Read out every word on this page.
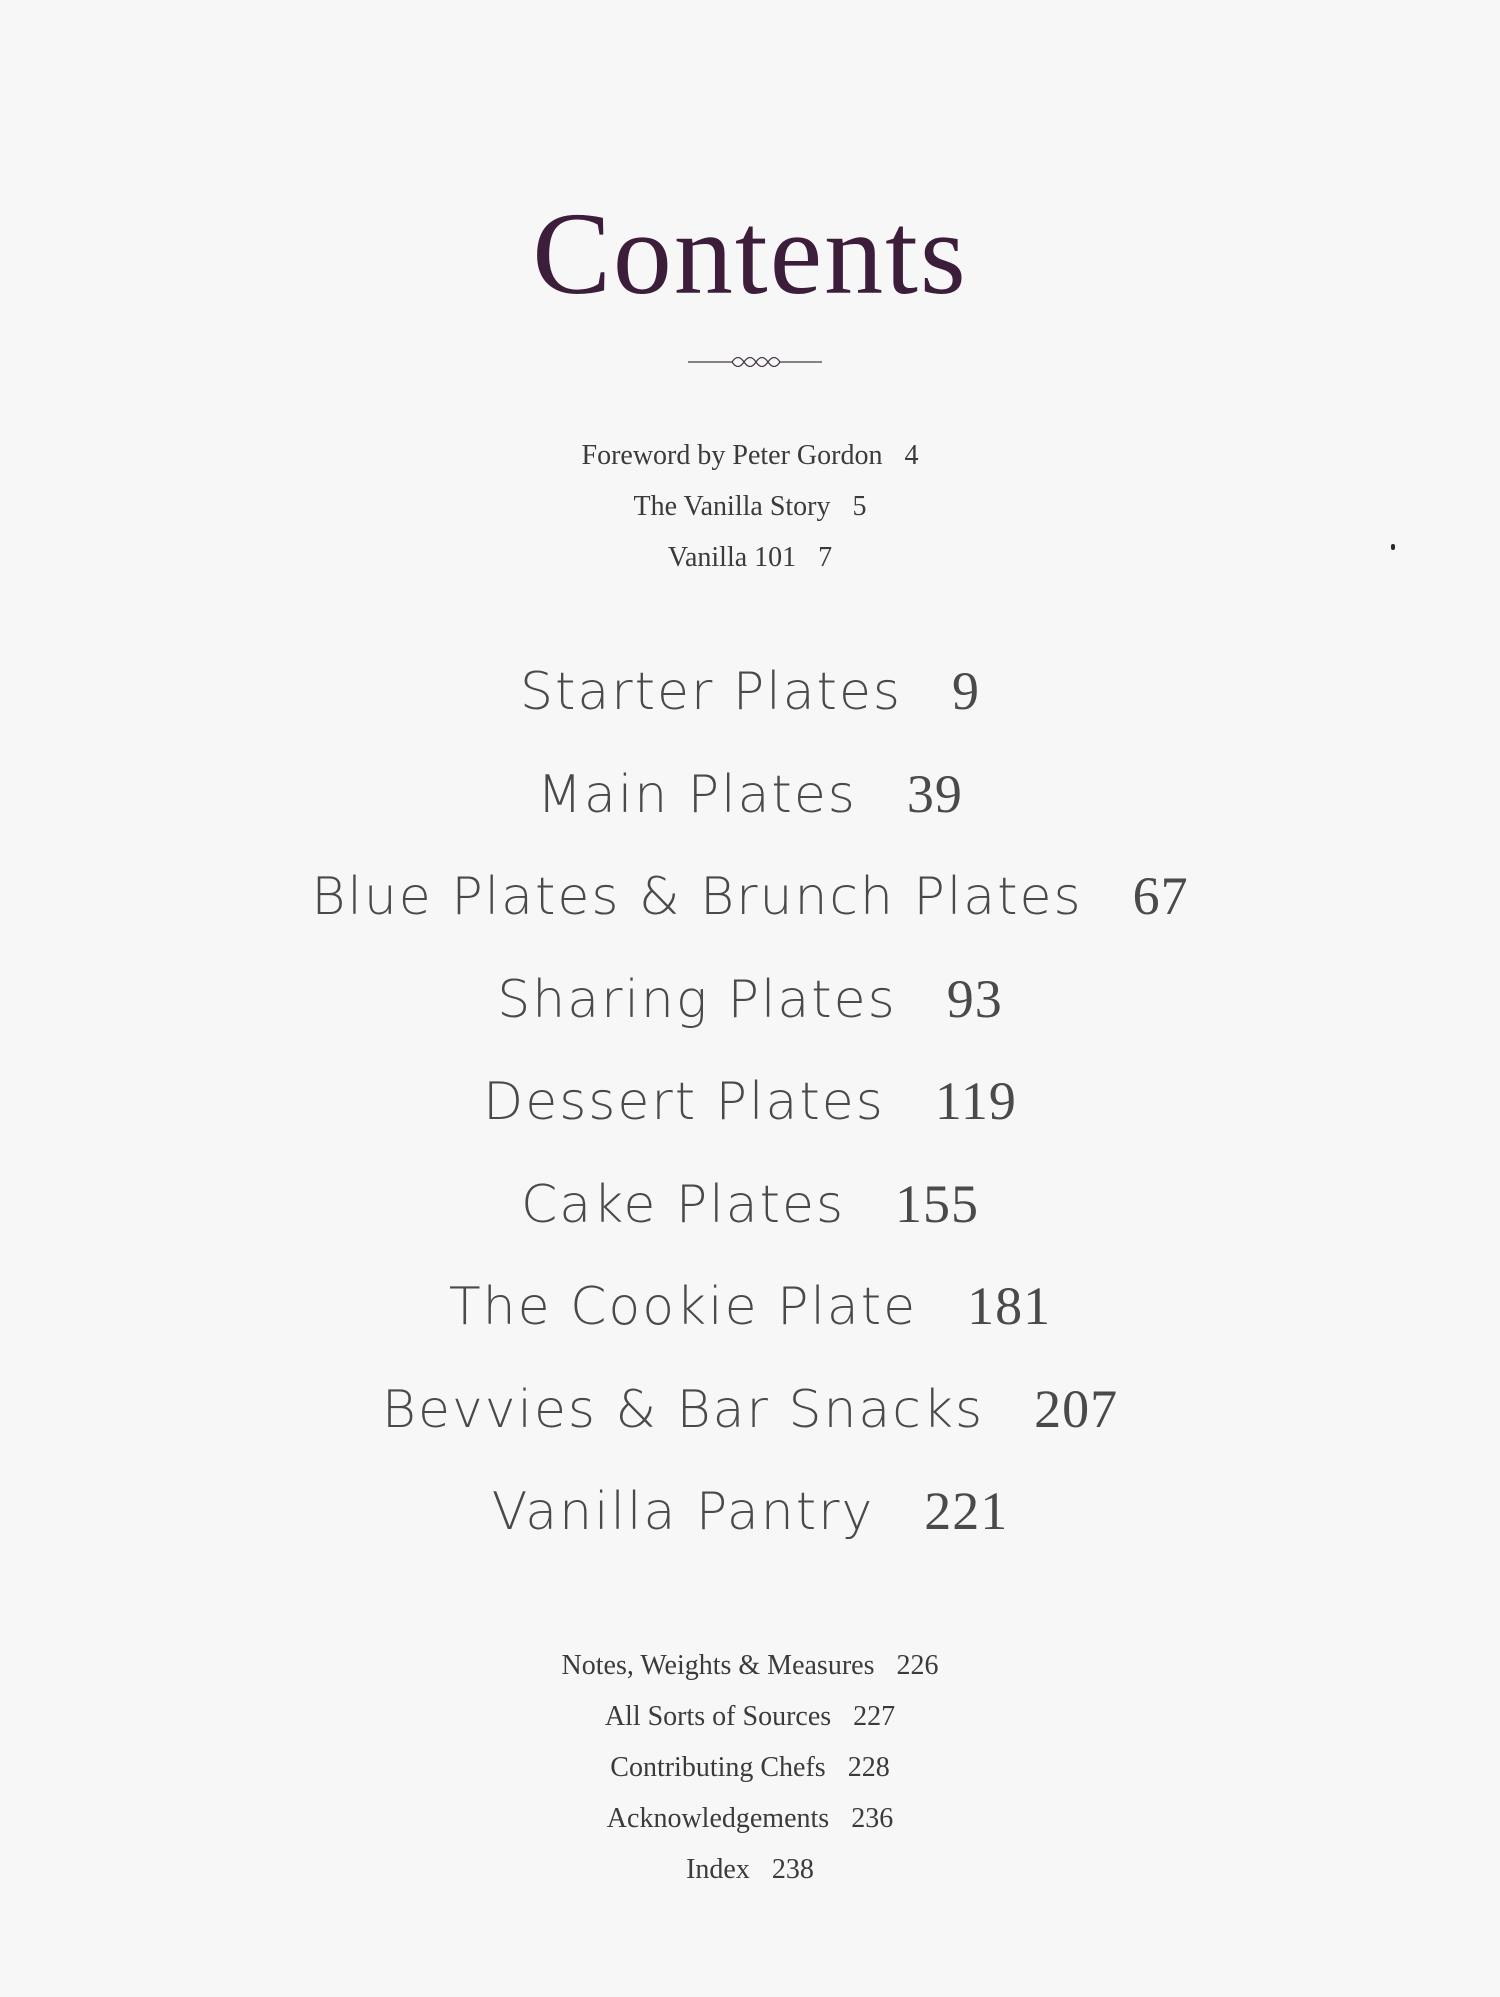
Contents
Foreword by Peter Gordon 4
The Vanilla Story 5
Vanilla 101 7
Starter Plates 9
Main Plates 39
Blue Plates & Brunch Plates 67
Sharing Plates 93
Dessert Plates 119
Cake Plates 155
The Cookie Plate 181
Bevvies & Bar Snacks 207
Vanilla Pantry 221
Notes, Weights & Measures 226
All Sorts of Sources 227
Contributing Chefs 228
Acknowledgements 236
Index 238
